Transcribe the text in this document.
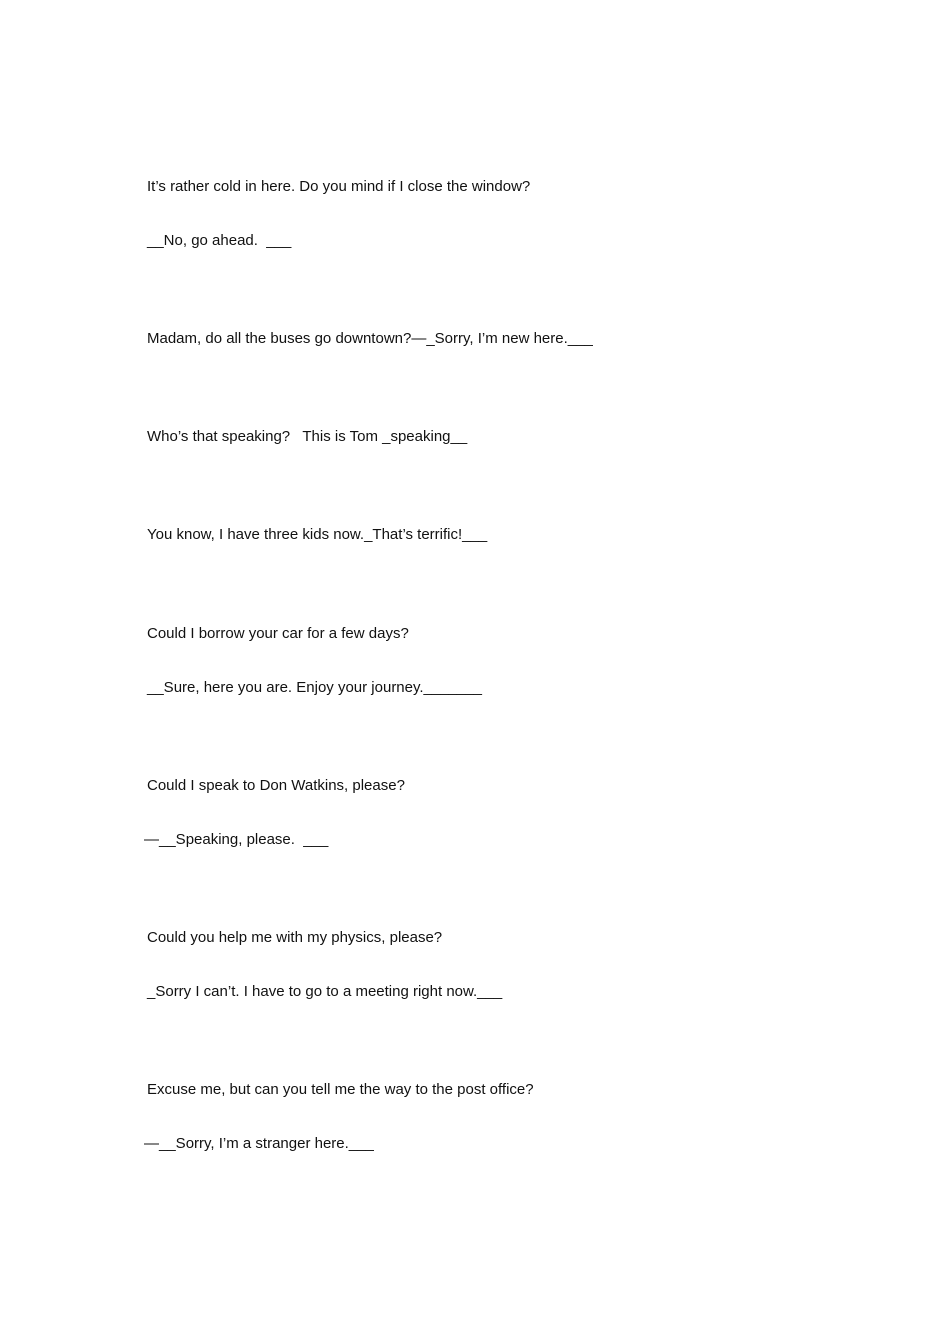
It’s rather cold in here. Do you mind if I close the window?
__No, go ahead.  ___
Madam, do all the buses go downtown?—_Sorry, I’m new here.___
Who’s that speaking?   This is Tom _speaking__
You know, I have three kids now._That’s terrific!___
Could I borrow your car for a few days?
__Sure, here you are. Enjoy your journey._______
Could I speak to Don Watkins, please?
—__Speaking, please.  ___
Could you help me with my physics, please?
_Sorry I can’t. I have to go to a meeting right now.___
Excuse me, but can you tell me the way to the post office?
—__Sorry, I’m a stranger here.___
